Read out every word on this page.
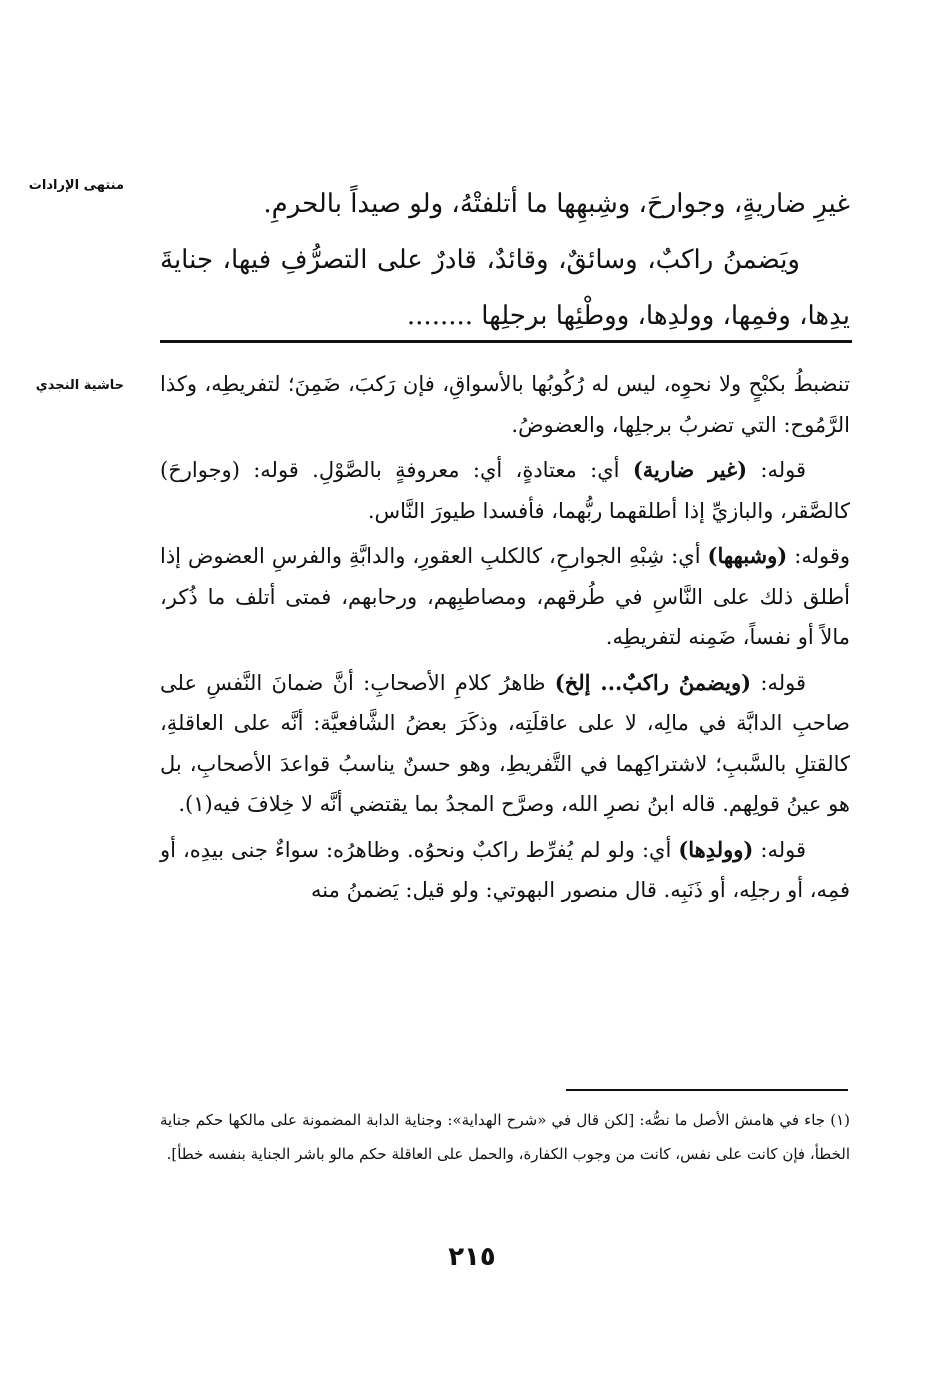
منتهى الإرادات
حاشية النجدي

غيرِ ضاريةٍ، وجوارحَ، وشِبهِها ما أتلفتْهُ، ولو صيداً بالحرمِ.

ويَضمنُ راكبٌ، وسائقٌ، وقائدٌ، قادرٌ على التصرُّفِ فيها، جنايةَ يدِها، وفمِها، وولدِها، ووطْئِها برجلِها ........

تنضبطُ بكبْحٍ ولا نحوِه، ليس له رُكُوبُها بالأسواقِ، فإن رَكبَ، ضَمِنَ؛ لتفريطِه، وكذا الرَّمُوح: التي تضربُ برجلِها، والعضوضُ.

قوله: (غير ضارية) أي: معتادةٍ، أي: معروفةٍ بالصَّوْلِ. قوله: (وجوارحَ) كالصَّقر، والبازيِّ إذا أطلقهما ربُّهما، فأفسدا طيورَ النَّاس.

وقوله: (وشبهها) أي: شِبْهِ الجوارحِ، كالكلبِ العقورِ، والدابَّةِ والفرسِ العضوض إذا أطلق ذلك على النَّاسِ في طُرقهم، ومصاطبِهم، ورحابهم، فمتى أتلف ما ذُكر، مالاً أو نفساً، ضَمِنه لتفريطِه.

قوله: (ويضمنُ راكبٌ... إلخ) ظاهرُ كلامِ الأصحابِ: أنَّ ضمانَ النَّفسِ على صاحبِ الدابَّة في مالِه، لا على عاقلَتِه، وذكَرَ بعضُ الشَّافعيَّة: أنَّه على العاقلةِ، كالقتلِ بالسَّببِ؛ لاشتراكِهما في التَّفريطِ، وهو حسنٌ يناسبُ قواعدَ الأصحابِ، بل هو عينُ قولِهم. قاله ابنُ نصرِ الله، وصرَّح المجدُ بما يقتضي أنَّه لا خِلافَ فيه(١).

قوله: (وولدِها) أي: ولو لم يُفرِّط راكبٌ ونحوُه. وظاهرُه: سواءٌ جنى بيدِه، أو فمِه، أو رجلِه، أو ذَنَبِه. قال منصور البهوتي: ولو قيل: يَضمنُ منه

(١) جاء في هامش الأصل ما نصُّه: [لكن قال في «شرح الهداية»: وجناية الدابة المضمونة على مالكها حكم جناية الخطأ، فإن كانت على نفس، كانت من وجوب الكفارة، والحمل على العاقلة حكم مالو باشر الجناية بنفسه خطأ].

٢١٥
